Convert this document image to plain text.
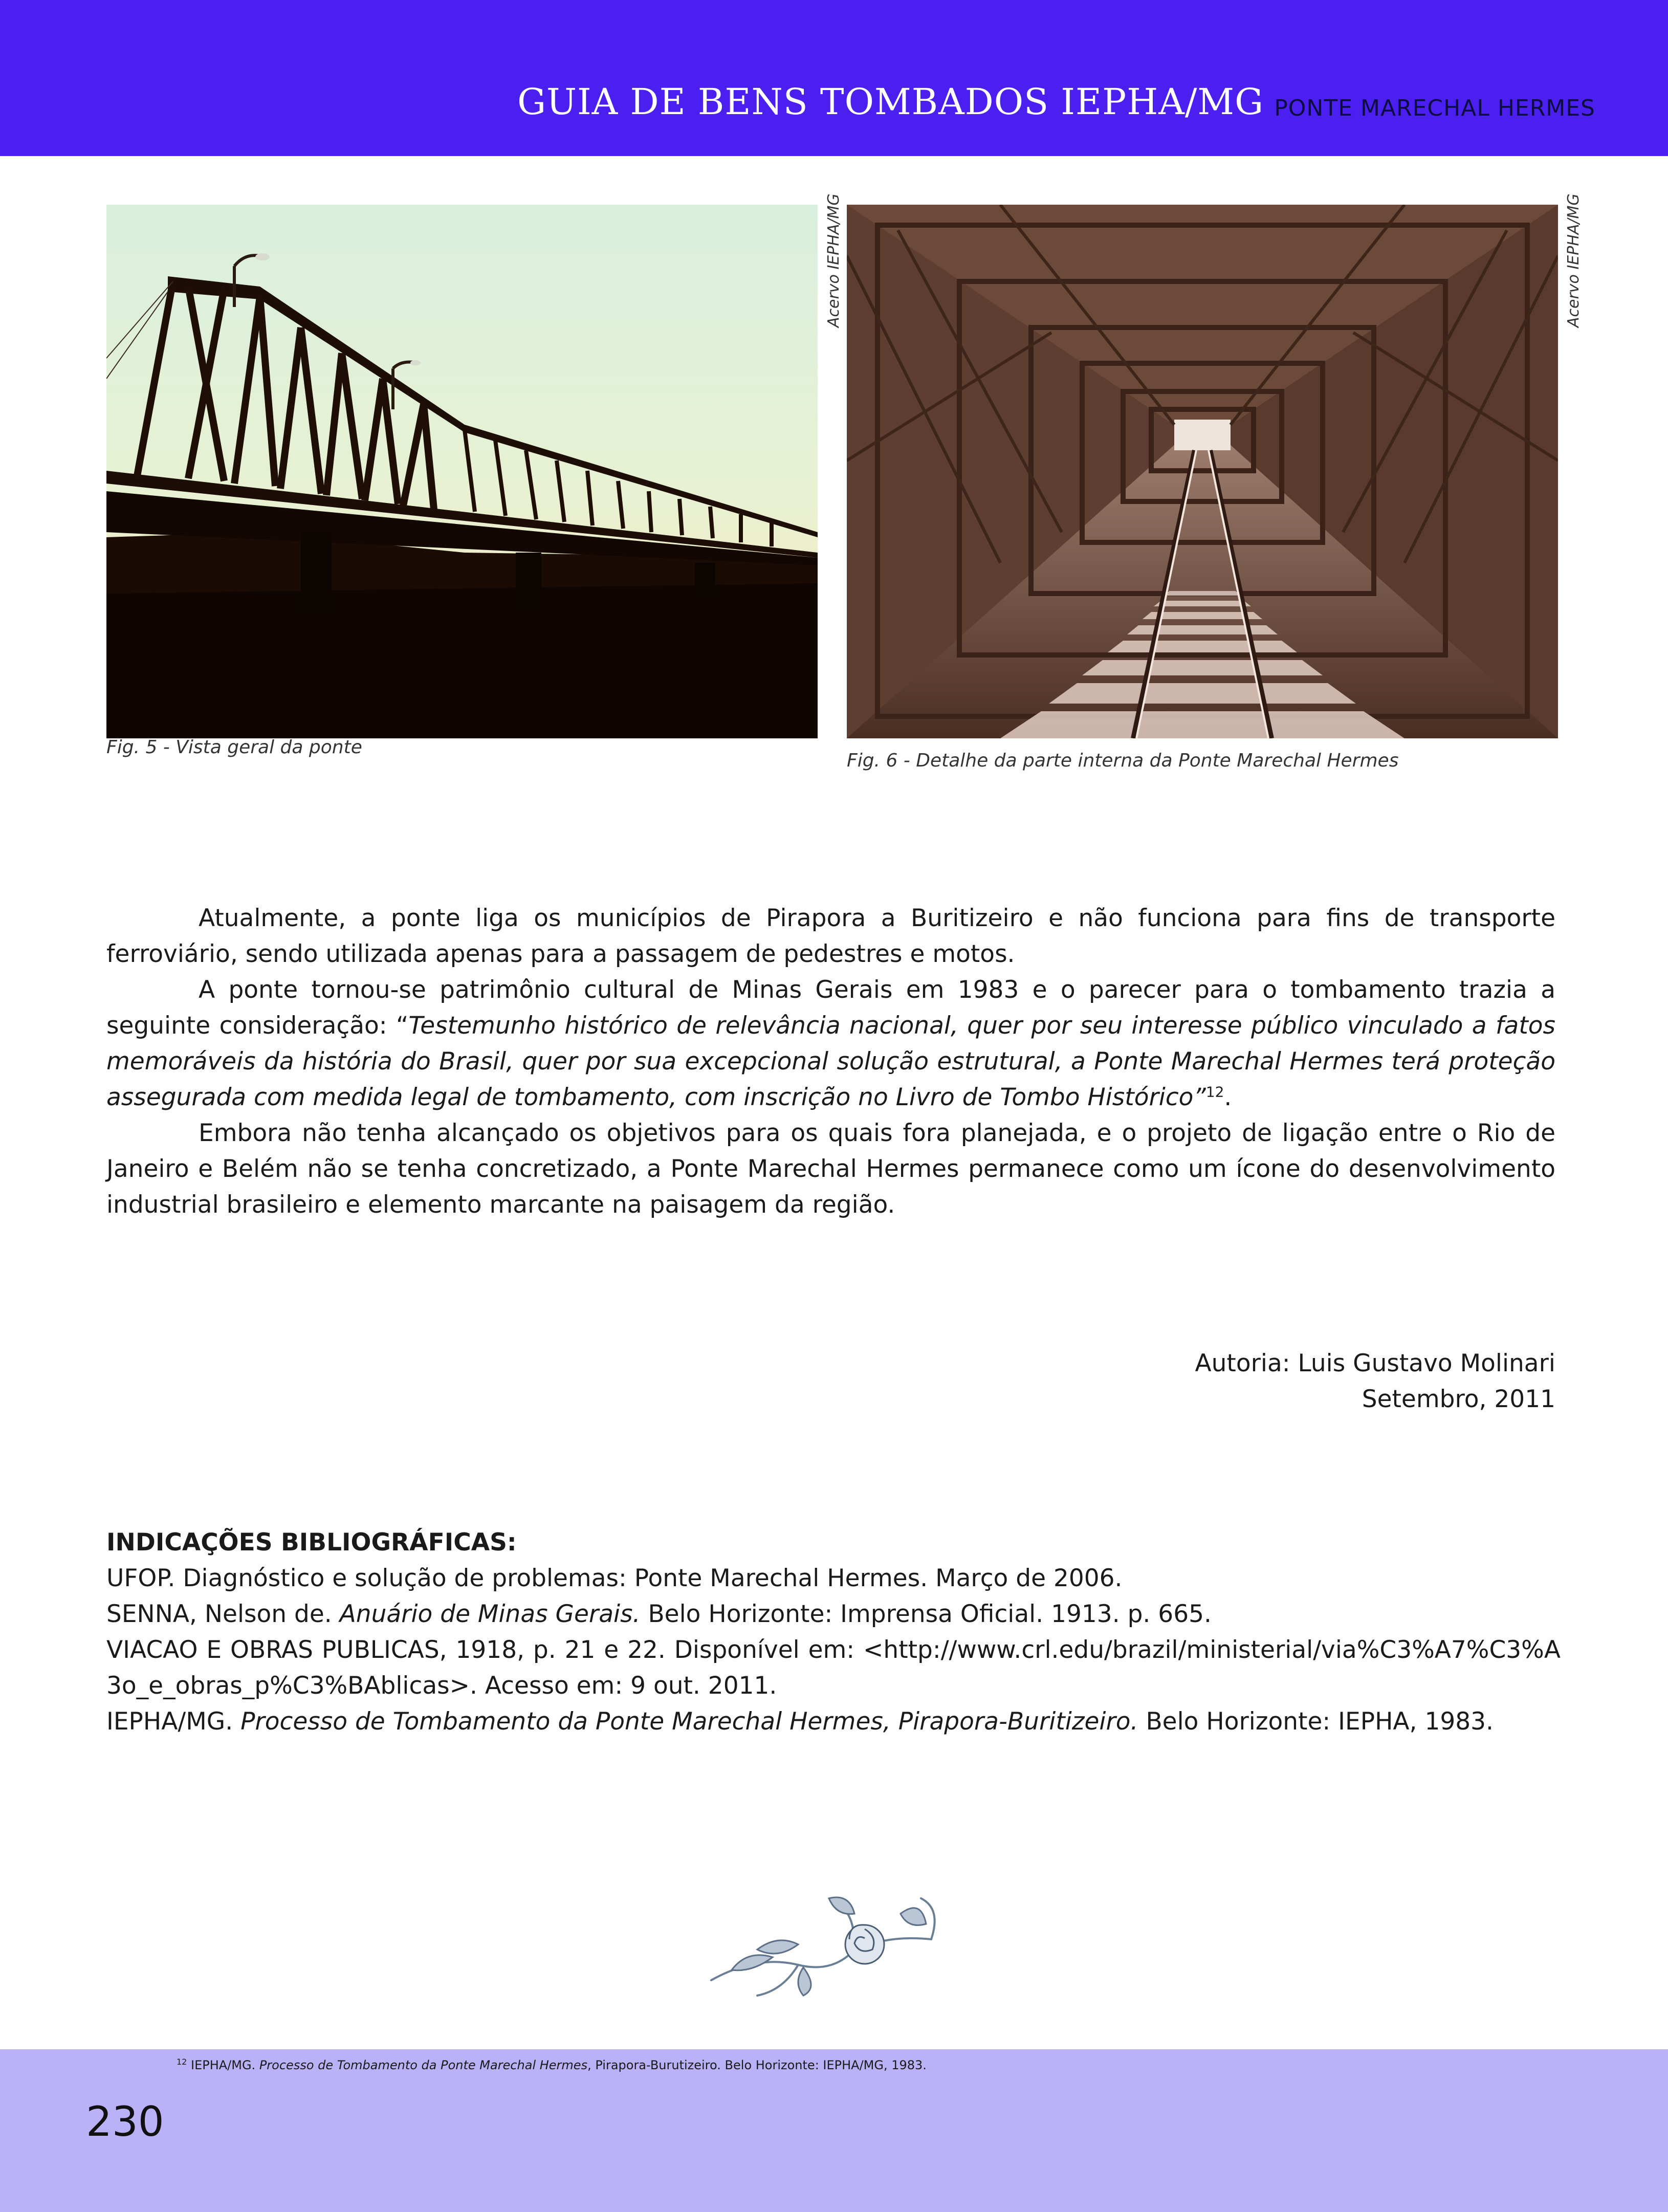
GUIA DE BENS TOMBADOS IEPHA/MG PONTE MARECHAL HERMES
Acervo IEPHA/MG
Fig. 5 - Vista geral da ponte
Acervo IEPHA/MG
Fig. 6 - Detalhe da parte interna da Ponte Marechal Hermes

Atualmente, a ponte liga os municípios de Pirapora a Buritizeiro e não funciona para fins de transporte ferroviário, sendo utilizada apenas para a passagem de pedestres e motos.

A ponte tornou-se patrimônio cultural de Minas Gerais em 1983 e o parecer para o tombamento trazia a seguinte consideração: “Testemunho histórico de relevância nacional, quer por seu interesse público vinculado a fatos memoráveis da história do Brasil, quer por sua excepcional solução estrutural, a Ponte Marechal Hermes terá proteção assegurada com medida legal de tombamento, com inscrição no Livro de Tombo Histórico”$^{12}$.

Embora não tenha alcançado os objetivos para os quais fora planejada, e o projeto de ligação entre o Rio de Janeiro e Belém não se tenha concretizado, a Ponte Marechal Hermes permanece como um ícone do desenvolvimento industrial brasileiro e elemento marcante na paisagem da região.

Autoria: Luis Gustavo Molinari
Setembro, 2011
INDICAÇÕES BIBLIOGRÁFICAS:
UFOP. Diagnóstico e solução de problemas: Ponte Marechal Hermes. Março de 2006.
SENNA, Nelson de. Anuário de Minas Gerais. Belo Horizonte: Imprensa Oficial. 1913. p. 665.
VIACAO E OBRAS PUBLICAS, 1918, p. 21 e 22. Disponível em: <http://www.crl.edu/brazil/ministerial/via%C3%A7%C3%A3o_e_obras_p%C3%BAblicas>. Acesso em: 9 out. 2011.
IEPHA/MG. Processo de Tombamento da Ponte Marechal Hermes, Pirapora-Buritizeiro. Belo Horizonte: IEPHA, 1983.
$^{12}$ IEPHA/MG. Processo de Tombamento da Ponte Marechal Hermes, Pirapora-Burutizeiro. Belo Horizonte: IEPHA/MG, 1983.
230
